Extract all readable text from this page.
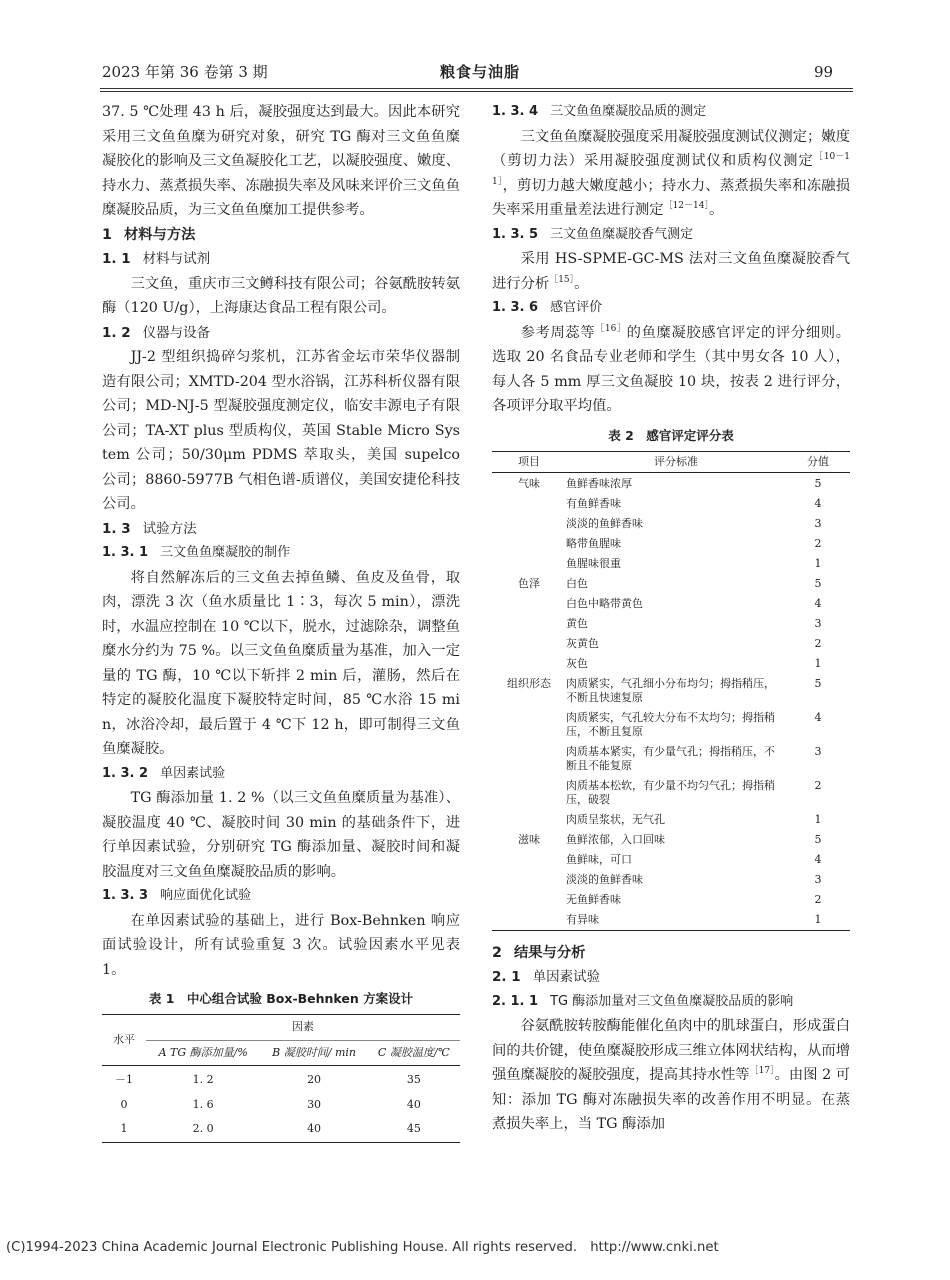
2023 年第 36 卷第 3 期	粮食与油脂	99

37. 5 ℃处理 43 h 后，凝胶强度达到最大。因此本研究采用三文鱼鱼糜为研究对象，研究 TG 酶对三文鱼鱼糜凝胶化的影响及三文鱼凝胶化工艺，以凝胶强度、嫩度、持水力、蒸煮损失率、冻融损失率及风味来评价三文鱼鱼糜凝胶品质，为三文鱼鱼糜加工提供参考。

1 材料与方法

1. 1 材料与试剂

三文鱼，重庆市三文鳟科技有限公司；谷氨酰胺转氨酶（120 U/g），上海康达食品工程有限公司。

1. 2 仪器与设备

JJ-2 型组织捣碎匀浆机，江苏省金坛市荣华仪器制造有限公司；XMTD-204 型水浴锅，江苏科析仪器有限公司；MD-NJ-5 型凝胶强度测定仪，临安丰源电子有限公司；TA-XT plus 型质构仪，英国 Stable Micro System 公司；50/30μm PDMS 萃取头，美国 supelco 公司；8860-5977B 气相色谱-质谱仪，美国安捷伦科技公司。

1. 3 试验方法

1. 3. 1 三文鱼鱼糜凝胶的制作

将自然解冻后的三文鱼去掉鱼鳞、鱼皮及鱼骨，取肉，漂洗 3 次（鱼水质量比 1∶3，每次 5 min），漂洗时，水温应控制在 10 ℃以下，脱水，过滤除杂，调整鱼糜水分约为 75 %。以三文鱼鱼糜质量为基准，加入一定量的 TG 酶，10 ℃以下斩拌 2 min 后，灌肠，然后在特定的凝胶化温度下凝胶特定时间，85 ℃水浴 15 min，冰浴冷却，最后置于 4 ℃下 12 h，即可制得三文鱼鱼糜凝胶。

1. 3. 2 单因素试验

TG 酶添加量 1. 2 %（以三文鱼鱼糜质量为基准）、凝胶温度 40 ℃、凝胶时间 30 min 的基础条件下，进行单因素试验，分别研究 TG 酶添加量、凝胶时间和凝胶温度对三文鱼鱼糜凝胶品质的影响。

1. 3. 3 响应面优化试验

在单因素试验的基础上，进行 Box-Behnken 响应面试验设计，所有试验重复 3 次。试验因素水平见表 1。

表 1　中心组合试验 Box-Behnken 方案设计
水平	因素		
	A TG 酶添加量/%	B 凝胶时间/ min	C 凝胶温度/℃
－1	1. 2	20	35
0	1. 6	30	40
1	2. 0	40	45

1. 3. 4 三文鱼鱼糜凝胶品质的测定

三文鱼鱼糜凝胶强度采用凝胶强度测试仪测定；嫩度（剪切力法）采用凝胶强度测试仪和质构仪测定$^{[10-11]}$，剪切力越大嫩度越小；持水力、蒸煮损失率和冻融损失率采用重量差法进行测定$^{[12-14]}$。

1. 3. 5 三文鱼鱼糜凝胶香气测定

采用 HS-SPME-GC-MS 法对三文鱼鱼糜凝胶香气进行分析$^{[15]}$。

1. 3. 6 感官评价

参考周蕊等$^{[16]}$的鱼糜凝胶感官评定的评分细则。选取 20 名食品专业老师和学生（其中男女各 10 人），每人各 5 mm 厚三文鱼凝胶 10 块，按表 2 进行评分，各项评分取平均值。

表 2　感官评定评分表
项目	评分标准	分值
气味	鱼鲜香味浓厚	5
	有鱼鲜香味	4
	淡淡的鱼鲜香味	3
	略带鱼腥味	2
	鱼腥味很重	1
色泽	白色	5
	白色中略带黄色	4
	黄色	3
	灰黄色	2
	灰色	1
组织形态	肉质紧实，气孔细小分布均匀；拇指稍压，不断且快速复原	5
	肉质紧实，气孔较大分布不太均匀；拇指稍压，不断且复原	4
	肉质基本紧实，有少量气孔；拇指稍压，不断且不能复原	3
	肉质基本松软，有少量不均匀气孔；拇指稍压，破裂	2
	肉质呈浆状，无气孔	1
滋味	鱼鲜浓郁，入口回味	5
	鱼鲜味，可口	4
	淡淡的鱼鲜香味	3
	无鱼鲜香味	2
	有异味	1

2 结果与分析

2. 1 单因素试验

2. 1. 1 TG 酶添加量对三文鱼鱼糜凝胶品质的影响

谷氨酰胺转胺酶能催化鱼肉中的肌球蛋白，形成蛋白间的共价键，使鱼糜凝胶形成三维立体网状结构，从而增强鱼糜凝胶的凝胶强度，提高其持水性等$^{[17]}$。由图 2 可知：添加 TG 酶对冻融损失率的改善作用不明显。在蒸煮损失率上，当 TG 酶添加

(C)1994-2023 China Academic Journal Electronic Publishing House. All rights reserved.　http://www.cnki.net
